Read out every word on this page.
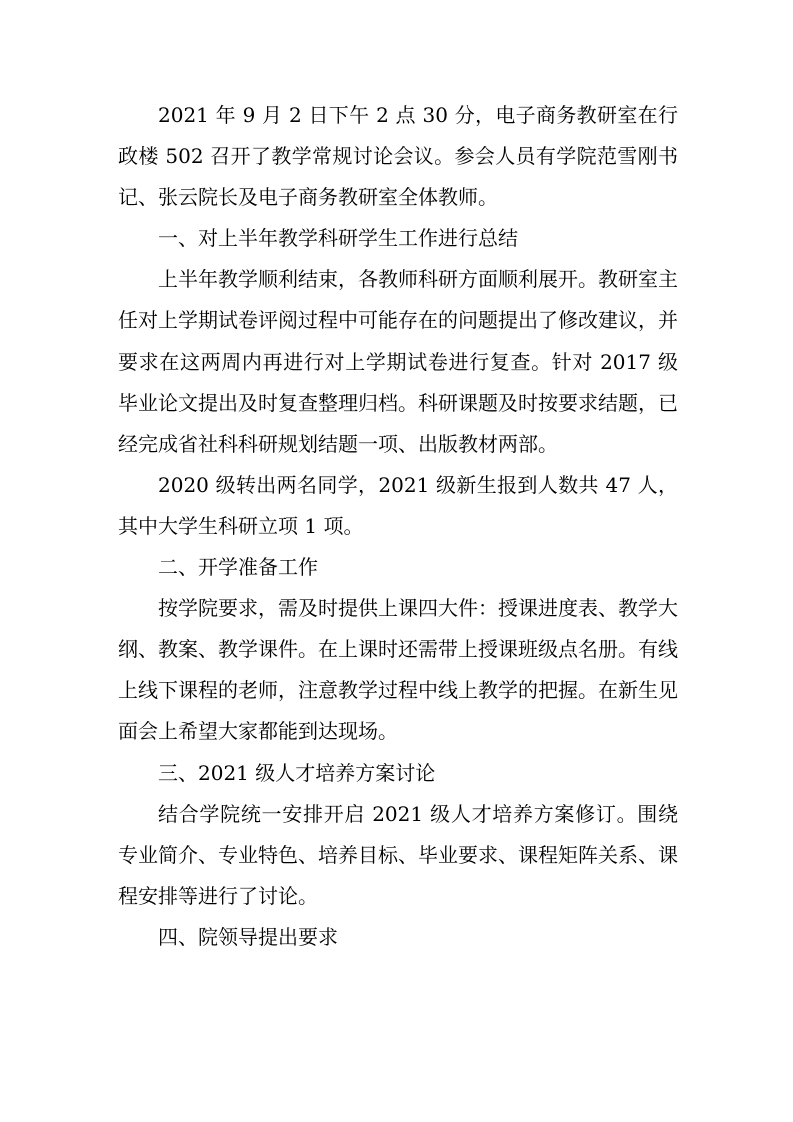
2021 年 9 月 2 日下午 2 点 30 分，电子商务教研室在行政楼 502 召开了教学常规讨论会议。参会人员有学院范雪刚书记、张云院长及电子商务教研室全体教师。

一、对上半年教学科研学生工作进行总结

上半年教学顺利结束，各教师科研方面顺利展开。教研室主任对上学期试卷评阅过程中可能存在的问题提出了修改建议，并要求在这两周内再进行对上学期试卷进行复查。针对 2017 级毕业论文提出及时复查整理归档。科研课题及时按要求结题，已经完成省社科科研规划结题一项、出版教材两部。

2020 级转出两名同学，2021 级新生报到人数共 47 人，其中大学生科研立项 1 项。

二、开学准备工作

按学院要求，需及时提供上课四大件：授课进度表、教学大纲、教案、教学课件。在上课时还需带上授课班级点名册。有线上线下课程的老师，注意教学过程中线上教学的把握。在新生见面会上希望大家都能到达现场。

三、2021 级人才培养方案讨论

结合学院统一安排开启 2021 级人才培养方案修订。围绕专业简介、专业特色、培养目标、毕业要求、课程矩阵关系、课程安排等进行了讨论。

四、院领导提出要求
